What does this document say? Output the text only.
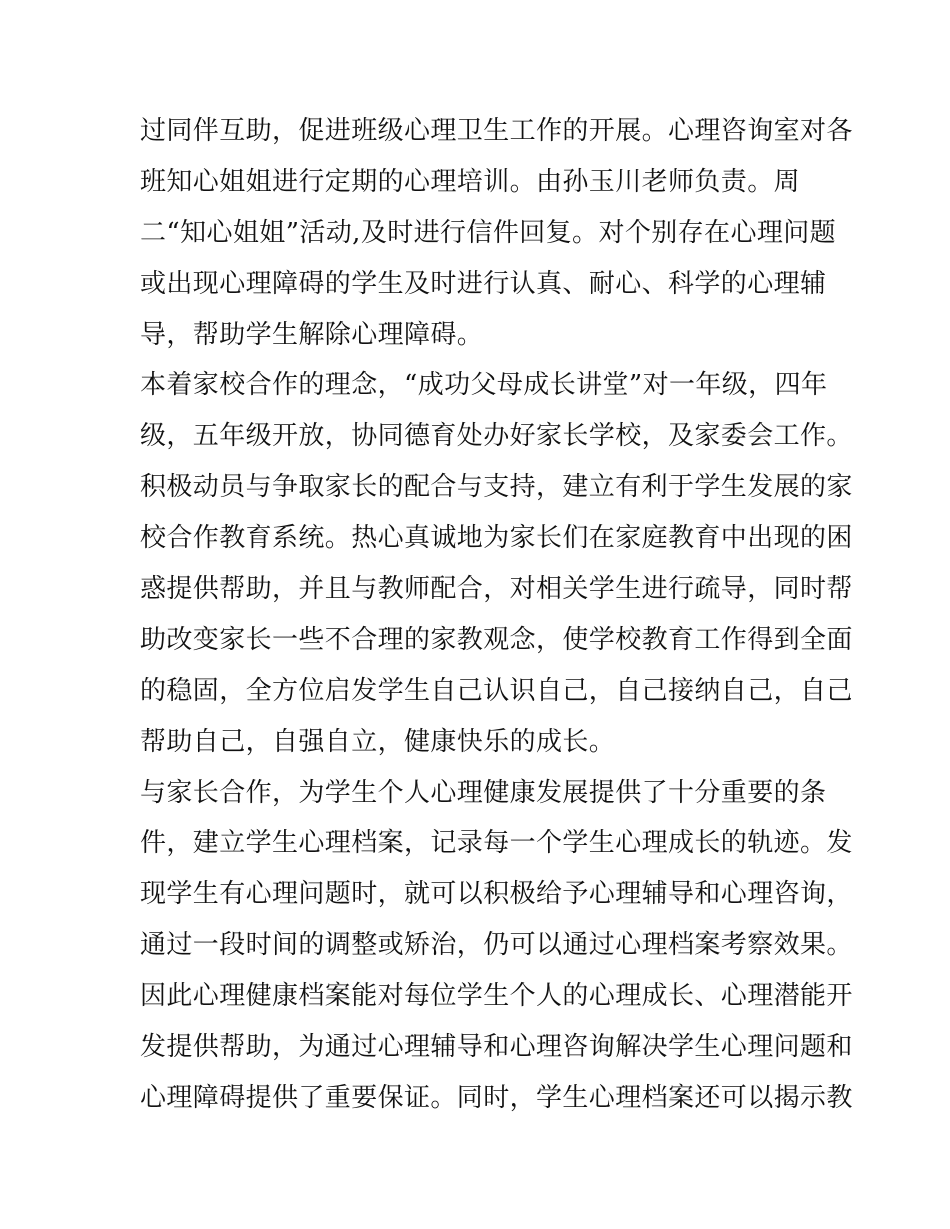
过同伴互助，促进班级心理卫生工作的开展。心理咨询室对各
班知心姐姐进行定期的心理培训。由孙玉川老师负责。周
二“知心姐姐”活动,及时进行信件回复。对个别存在心理问题
或出现心理障碍的学生及时进行认真、耐心、科学的心理辅
导，帮助学生解除心理障碍。
本着家校合作的理念，“成功父母成长讲堂”对一年级，四年
级，五年级开放，协同德育处办好家长学校，及家委会工作。
积极动员与争取家长的配合与支持，建立有利于学生发展的家
校合作教育系统。热心真诚地为家长们在家庭教育中出现的困
惑提供帮助，并且与教师配合，对相关学生进行疏导，同时帮
助改变家长一些不合理的家教观念，使学校教育工作得到全面
的稳固，全方位启发学生自己认识自己，自己接纳自己，自己
帮助自己，自强自立，健康快乐的成长。
与家长合作，为学生个人心理健康发展提供了十分重要的条
件，建立学生心理档案，记录每一个学生心理成长的轨迹。发
现学生有心理问题时，就可以积极给予心理辅导和心理咨询，
通过一段时间的调整或矫治，仍可以通过心理档案考察效果。
因此心理健康档案能对每位学生个人的心理成长、心理潜能开
发提供帮助，为通过心理辅导和心理咨询解决学生心理问题和
心理障碍提供了重要保证。同时，学生心理档案还可以揭示教
